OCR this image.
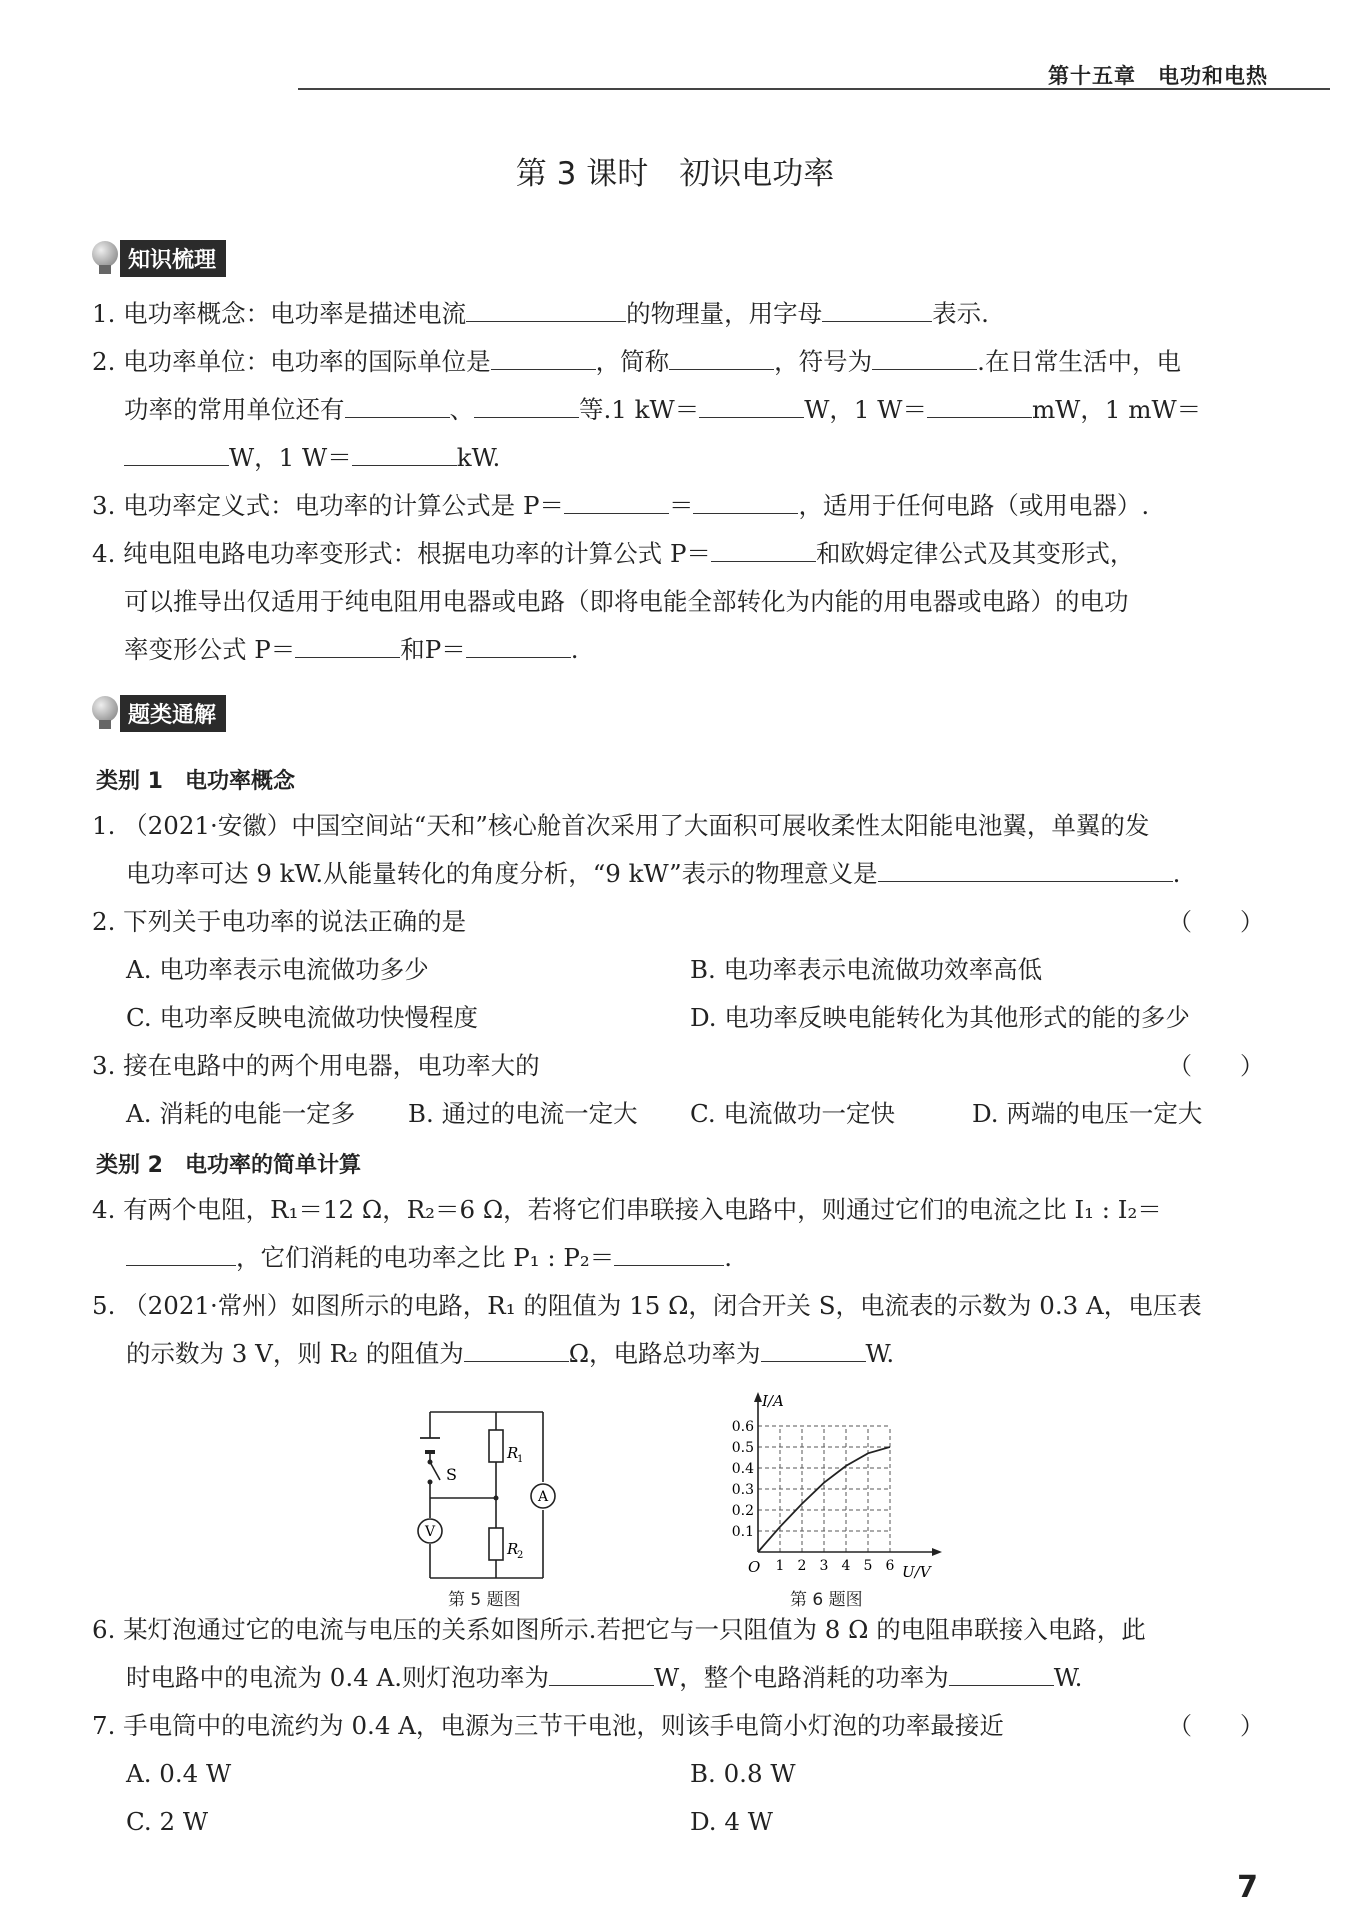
第十五章　电功和电热
第 3 课时　初识电功率
知识梳理
1. 电功率概念：电功率是描述电流	的物理量，用字母	表示.
2. 电功率单位：电功率的国际单位是	，简称	，符号为	.在日常生活中，电
功率的常用单位还有	、	等.1 kW＝	W，1 W＝	mW，1 mW＝
W，1 W＝	kW.
3. 电功率定义式：电功率的计算公式是 P＝	＝	，适用于任何电路（或用电器）.
4. 纯电阻电路电功率变形式：根据电功率的计算公式 P＝	和欧姆定律公式及其变形式，
可以推导出仅适用于纯电阻用电器或电路（即将电能全部转化为内能的用电器或电路）的电功
率变形公式 P＝	和P＝	.
题类通解
类别 1　电功率概念
1. （2021·安徽）中国空间站“天和”核心舱首次采用了大面积可展收柔性太阳能电池翼，单翼的发
电功率可达 9 kW.从能量转化的角度分析，“9 kW”表示的物理意义是	.
2. 下列关于电功率的说法正确的是	（　　）
A. 电功率表示电流做功多少	B. 电功率表示电流做功效率高低
C. 电功率反映电流做功快慢程度	D. 电功率反映电能转化为其他形式的能的多少
3. 接在电路中的两个用电器，电功率大的	（　　）
A. 消耗的电能一定多 B. 通过的电流一定大 C. 电流做功一定快	D. 两端的电压一定大
类别 2　电功率的简单计算
4. 有两个电阻，R₁＝12 Ω，R₂＝6 Ω，若将它们串联接入电路中，则通过它们的电流之比 I₁ : I₂＝
，它们消耗的电功率之比 P₁ : P₂＝	.
5. （2021·常州）如图所示的电路，R₁ 的阻值为 15 Ω，闭合开关 S，电流表的示数为 0.3 A，电压表
的示数为 3 V，则 R₂ 的阻值为	Ω，电路总功率为	W.
S
R
1
R
2
A
V
第 5 题图
1 2 3 4 5 6
0.1
0.2
0.3
0.4
0.5
0.6
I/A
U/V
O
第 6 题图
6. 某灯泡通过它的电流与电压的关系如图所示.若把它与一只阻值为 8 Ω 的电阻串联接入电路，此
时电路中的电流为 0.4 A.则灯泡功率为	W，整个电路消耗的功率为	W.
7. 手电筒中的电流约为 0.4 A，电源为三节干电池，则该手电筒小灯泡的功率最接近	（　　）
A. 0.4 W	B. 0.8 W
C. 2 W	D. 4 W
7
